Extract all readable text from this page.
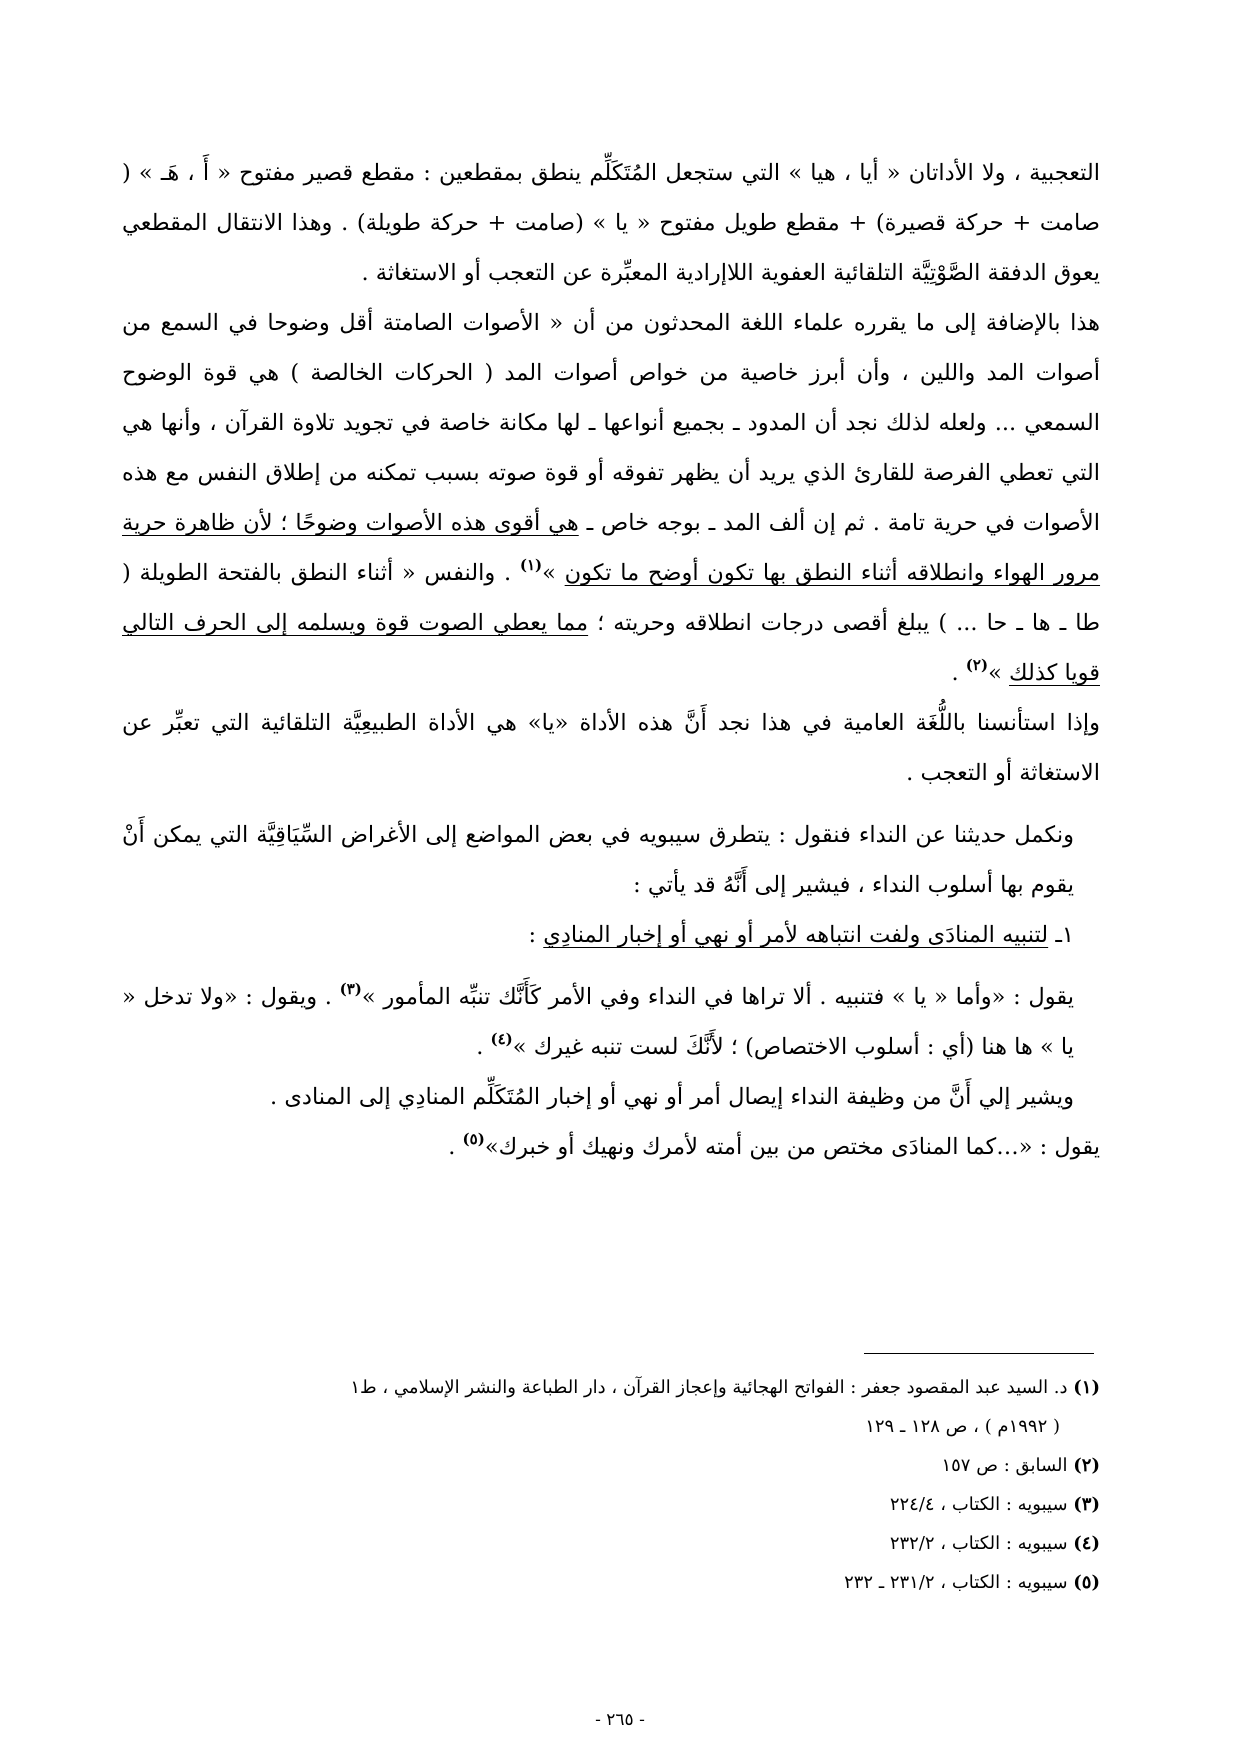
التعجبية ، ولا الأداتان « أيا ، هيا » التي ستجعل المُتَكَلِّم ينطق بمقطعين : مقطع قصير مفتوح « أَ ، هَـ » ( صامت + حركة قصيرة) + مقطع طويل مفتوح « يا » (صامت + حركة طويلة) . وهذا الانتقال المقطعي يعوق الدفقة الصَّوْتِيَّة التلقائية العفوية اللاإرادية المعبِّرة عن التعجب أو الاستغاثة .

هذا بالإضافة إلى ما يقرره علماء اللغة المحدثون من أن « الأصوات الصامتة أقل وضوحا في السمع من أصوات المد واللين ، وأن أبرز خاصية من خواص أصوات المد ( الحركات الخالصة ) هي قوة الوضوح السمعي ... ولعله لذلك نجد أن المدود ـ بجميع أنواعها ـ لها مكانة خاصة في تجويد تلاوة القرآن ، وأنها هي التي تعطي الفرصة للقارئ الذي يريد أن يظهر تفوقه أو قوة صوته بسبب تمكنه من إطلاق النفس مع هذه الأصوات في حرية تامة . ثم إن ألف المد ـ بوجه خاص ـ هي أقوى هذه الأصوات وضوحًا ؛ لأن ظاهرة حرية مرور الهواء وانطلاقه أثناء النطق بها تكون أوضح ما تكون »$^{(١)}$ . والنفس « أثناء النطق بالفتحة الطويلة ( طا ـ ها ـ حا ... ) يبلغ أقصى درجات انطلاقه وحريته ؛ مما يعطي الصوت قوة ويسلمه إلى الحرف التالي قويا كذلك »$^{(٢)}$ .

وإذا استأنسنا باللُّغَة العامية في هذا نجد أَنَّ هذه الأداة «يا» هي الأداة الطبيعِيَّة التلقائية التي تعبِّر عن الاستغاثة أو التعجب .

ونكمل حديثنا عن النداء فنقول : يتطرق سيبويه في بعض المواضع إلى الأغراض السِّيَاقِيَّة التي يمكن أَنْ يقوم بها أسلوب النداء ، فيشير إلى أَنَّهُ قد يأتي :

١ـ لتنبيه المنادَى ولفت انتباهه لأمر أو نهي أو إخبار المنادِي :

يقول : «وأما « يا » فتنبيه . ألا تراها في النداء وفي الأمر كَأَنَّك تنبِّه المأمور »$^{(٣)}$ . ويقول : «ولا تدخل « يا » ها هنا (أي : أسلوب الاختصاص) ؛ لأَنَّكَ لست تنبه غيرك »$^{(٤)}$ .

ويشير إلي أَنَّ من وظيفة النداء إيصال أمر أو نهي أو إخبار المُتَكَلِّم المنادِي إلى المنادى .

يقول : «…كما المنادَى مختص من بين أمته لأمرك ونهيك أو خبرك»$^{(٥)}$ .

(١) د. السيد عبد المقصود جعفر : الفواتح الهجائية وإعجاز القرآن ، دار الطباعة والنشر الإسلامي ، ط١

( ١٩٩٢م ) ، ص ١٢٨ ـ ١٢٩

(٢) السابق : ص ١٥٧

(٣) سيبويه : الكتاب ، ٢٢٤/٤

(٤) سيبويه : الكتاب ، ٢٣٢/٢

(٥) سيبويه : الكتاب ، ٢٣١/٢ ـ ٢٣٢

- ٢٦٥ -
